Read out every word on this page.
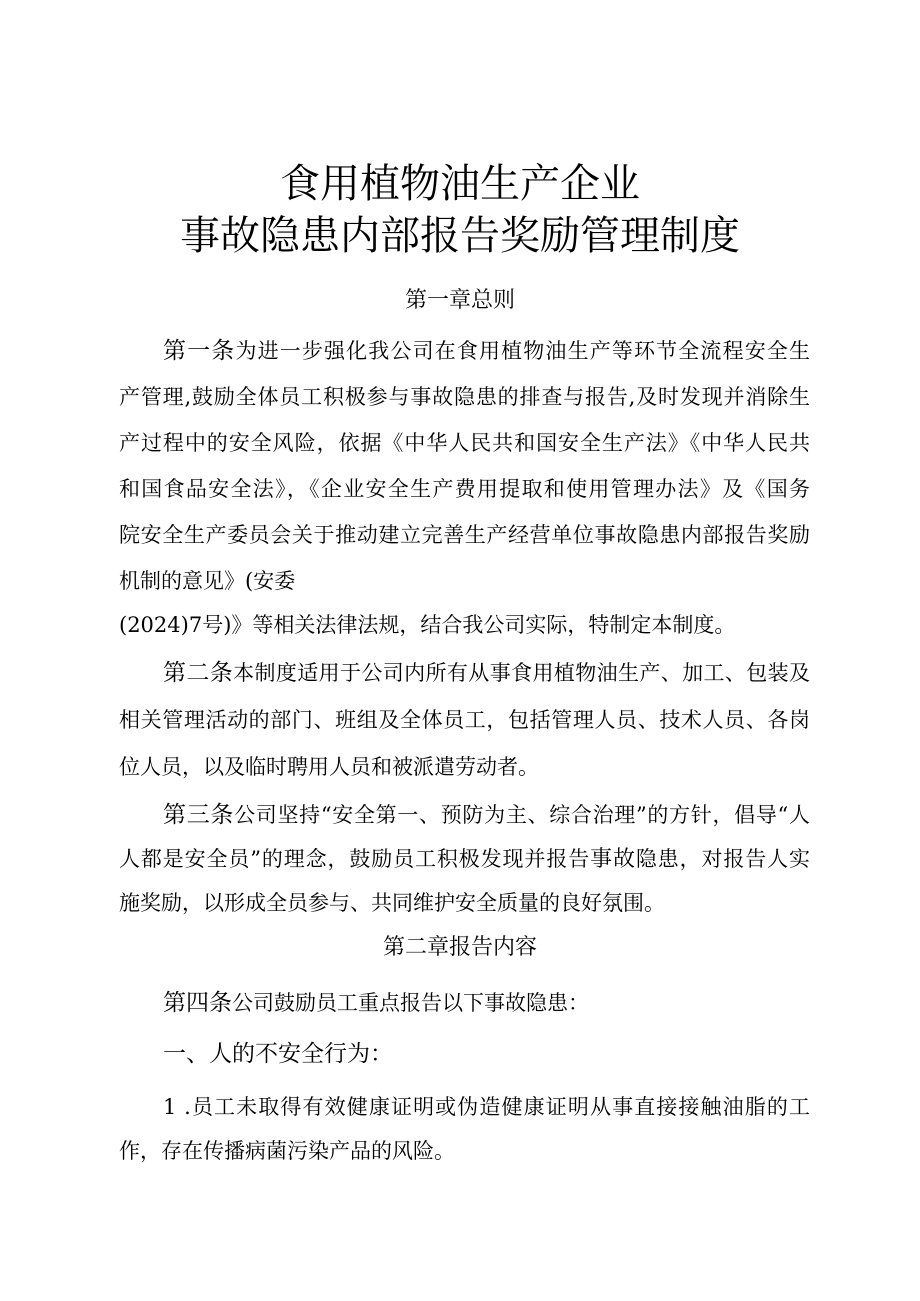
食用植物油生产企业
事故隐患内部报告奖励管理制度
第一章总则
第一条为进一步强化我公司在食用植物油生产等环节全流程安全生
产管理,鼓励全体员工积极参与事故隐患的排查与报告,及时发现并消除生
产过程中的安全风险，依据《中华人民共和国安全生产法》《中华人民共
和国食品安全法》，《企业安全生产费用提取和使用管理办法》及《国务
院安全生产委员会关于推动建立完善生产经营单位事故隐患内部报告奖励
机制的意见》(安委
(2024)7号)》等相关法律法规，结合我公司实际，特制定本制度。
第二条本制度适用于公司内所有从事食用植物油生产、加工、包装及
相关管理活动的部门、班组及全体员工，包括管理人员、技术人员、各岗
位人员，以及临时聘用人员和被派遣劳动者。
第三条公司坚持“安全第一、预防为主、综合治理”的方针，倡导“人
人都是安全员”的理念，鼓励员工积极发现并报告事故隐患，对报告人实
施奖励，以形成全员参与、共同维护安全质量的良好氛围。
第二章报告内容
第四条公司鼓励员工重点报告以下事故隐患：
一、人的不安全行为：
1 .员工未取得有效健康证明或伪造健康证明从事直接接触油脂的工
作，存在传播病菌污染产品的风险。
